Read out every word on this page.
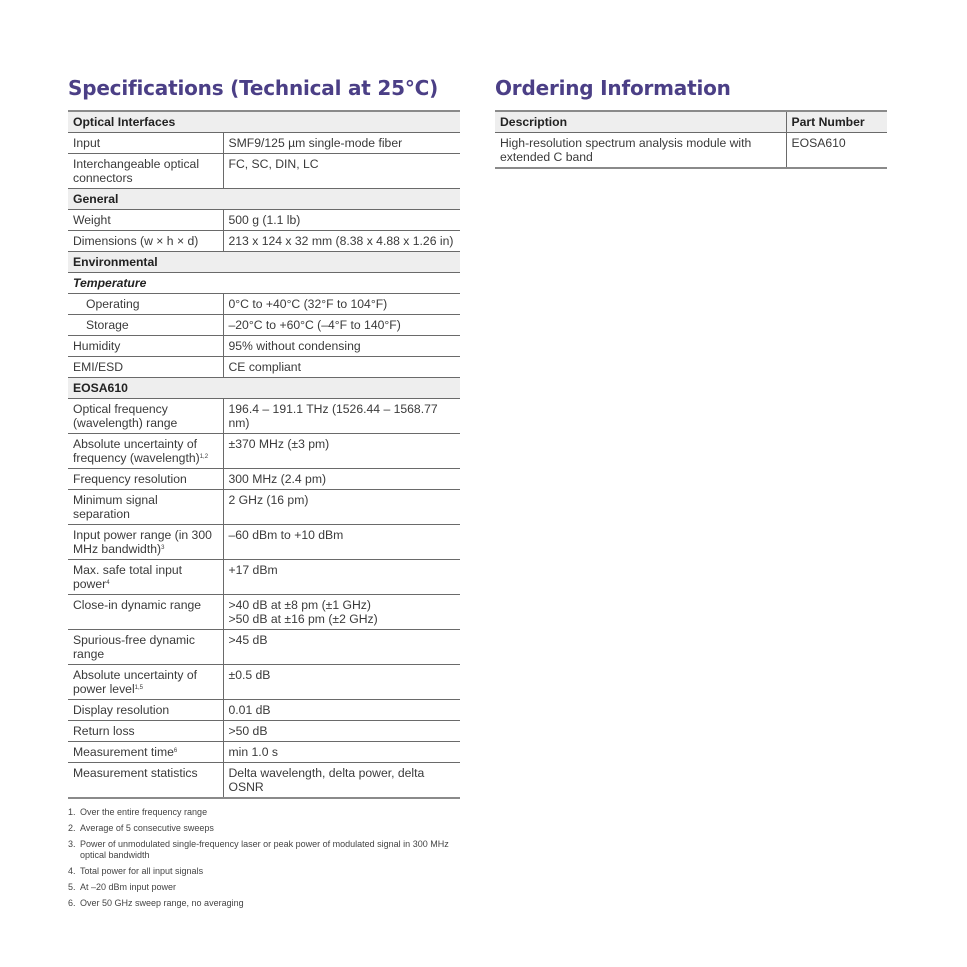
Specifications (Technical at 25°C)	Ordering Information
Optical Interfaces	
Input	SMF9/125 µm single-mode fiber

Interchangeable optical connectors	FC, SC, DIN, LC

General	
Weight	500 g (1.1 lb)

Dimensions (w × h × d)	213 x 124 x 32 mm (8.38 x 4.88 x 1.26 in)

Environmental	
Temperature	
Operating	0°C to +40°C (32°F to 104°F)

Storage	–20°C to +60°C (–4°F to 140°F)

Humidity	95% without condensing

EMI/ESD	CE compliant

EOSA610	
Optical frequency (wavelength) range	196.4 – 191.1 THz (1526.44 – 1568.77 nm)

Absolute uncertainty of frequency (wavelength)$^{1,2}$	±370 MHz (±3 pm)

Frequency resolution	300 MHz (2.4 pm)

Minimum signal separation	2 GHz (16 pm)

Input power range (in 300 MHz bandwidth)$^3$	–60 dBm to +10 dBm

Max. safe total input power$^4$	+17 dBm

Close-in dynamic range	>40 dB at ±8 pm (±1 GHz)
>50 dB at ±16 pm (±2 GHz)

Spurious-free dynamic range	>45 dB

Absolute uncertainty of power level$^{1,5}$	±0.5 dB

Display resolution	0.01 dB

Return loss	>50 dB

Measurement time$^6$	min 1.0 s

Measurement statistics	Delta wavelength, delta power, delta OSNR
Description	Part Number
High-resolution spectrum analysis module with extended C band	EOSA610
1. Over the entire frequency range
2. Average of 5 consecutive sweeps
3. Power of unmodulated single-frequency laser or peak power of modulated signal in 300 MHz optical bandwidth
4. Total power for all input signals
5. At –20 dBm input power
6. Over 50 GHz sweep range, no averaging
